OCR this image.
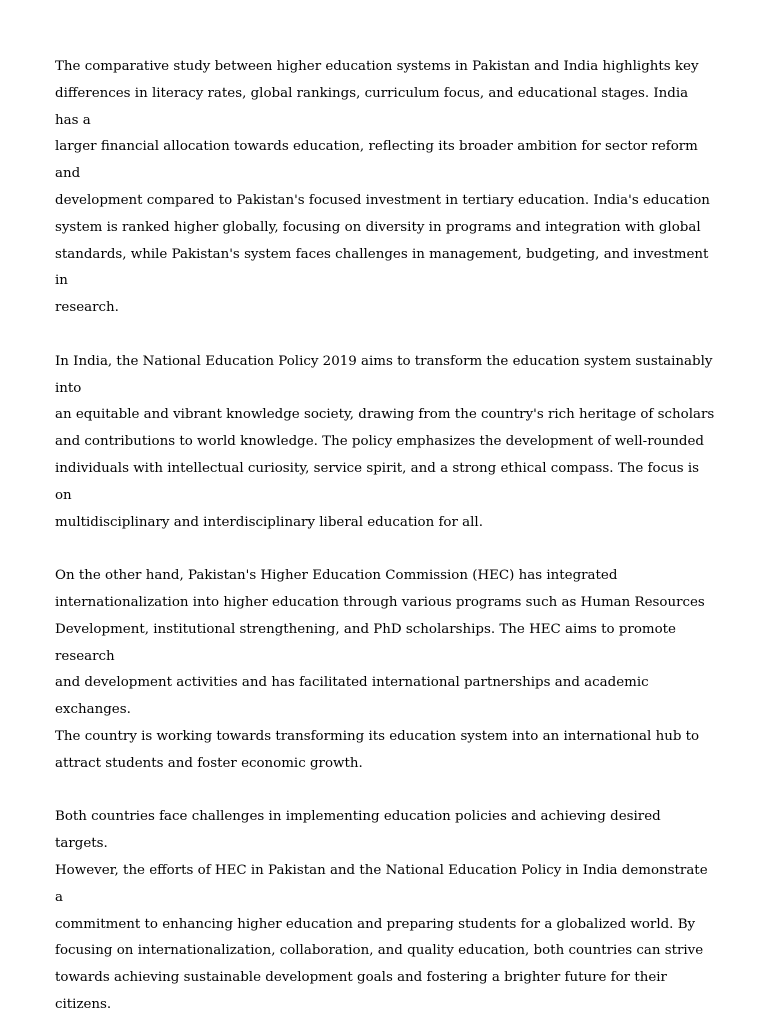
The comparative study between higher education systems in Pakistan and India highlights key
differences in literacy rates, global rankings, curriculum focus, and educational stages. India has a
larger financial allocation towards education, reflecting its broader ambition for sector reform and
development compared to Pakistan's focused investment in tertiary education. India's education
system is ranked higher globally, focusing on diversity in programs and integration with global
standards, while Pakistan's system faces challenges in management, budgeting, and investment in
research.

In India, the National Education Policy 2019 aims to transform the education system sustainably into
an equitable and vibrant knowledge society, drawing from the country's rich heritage of scholars
and contributions to world knowledge. The policy emphasizes the development of well-rounded
individuals with intellectual curiosity, service spirit, and a strong ethical compass. The focus is on
multidisciplinary and interdisciplinary liberal education for all.

On the other hand, Pakistan's Higher Education Commission (HEC) has integrated
internationalization into higher education through various programs such as Human Resources
Development, institutional strengthening, and PhD scholarships. The HEC aims to promote research
and development activities and has facilitated international partnerships and academic exchanges.
The country is working towards transforming its education system into an international hub to
attract students and foster economic growth.

Both countries face challenges in implementing education policies and achieving desired targets.
However, the efforts of HEC in Pakistan and the National Education Policy in India demonstrate a
commitment to enhancing higher education and preparing students for a globalized world. By
focusing on internationalization, collaboration, and quality education, both countries can strive
towards achieving sustainable development goals and fostering a brighter future for their citizens.
